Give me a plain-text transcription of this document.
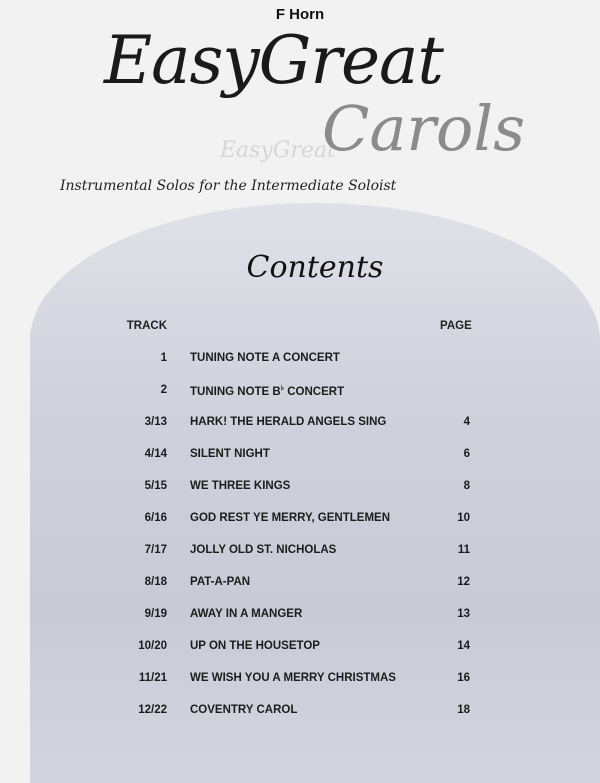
F Horn
EasyGreat
EasyGreat
Carols
Instrumental Solos for the Intermediate Soloist
Contents
TRACK	PAGE
1 TUNING NOTE A CONCERT
2 TUNING NOTE B♭ CONCERT
3/13 HARK! THE HERALD ANGELS SING	4
4/14 SILENT NIGHT	6
5/15 WE THREE KINGS	8
6/16 GOD REST YE MERRY, GENTLEMEN	10
7/17 JOLLY OLD ST. NICHOLAS	11
8/18 PAT-A-PAN	12
9/19 AWAY IN A MANGER	13
10/20 UP ON THE HOUSETOP	14
11/21 WE WISH YOU A MERRY CHRISTMAS	16
12/22 COVENTRY CAROL	18
